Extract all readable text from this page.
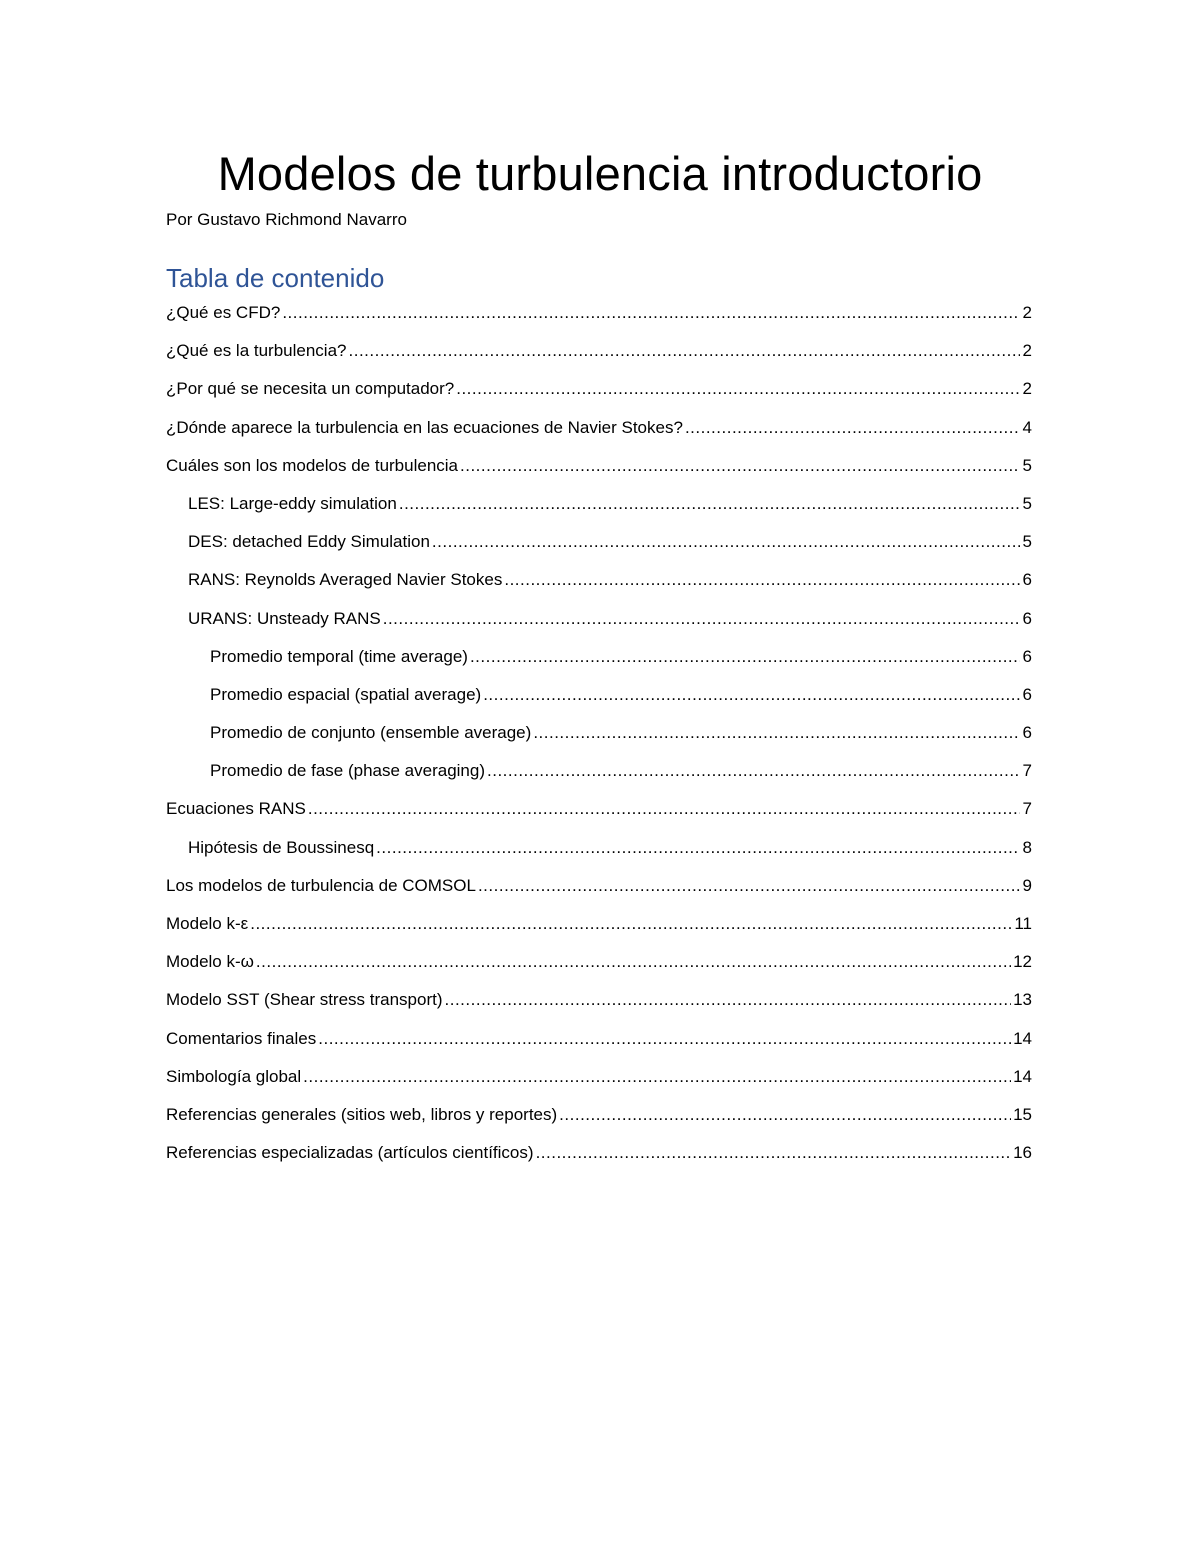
Modelos de turbulencia introductorio

Por Gustavo Richmond Navarro

Tabla de contenido
¿Qué es CFD? .....	2
¿Qué es la turbulencia? .....	2
¿Por qué se necesita un computador? .....	2
¿Dónde aparece la turbulencia en las ecuaciones de Navier Stokes? .....	4
Cuáles son los modelos de turbulencia .....	5
LES: Large-eddy simulation .....	5
DES: detached Eddy Simulation .....	5
RANS: Reynolds Averaged Navier Stokes .....	6
URANS: Unsteady RANS .....	6
Promedio temporal (time average) .....	6
Promedio espacial (spatial average) .....	6
Promedio de conjunto (ensemble average) .....	6
Promedio de fase (phase averaging) .....	7
Ecuaciones RANS .....	7
Hipótesis de Boussinesq .....	8
Los modelos de turbulencia de COMSOL .....	9
Modelo k-ε .....	11
Modelo k-ω .....	12
Modelo SST (Shear stress transport) .....	13
Comentarios finales .....	14
Simbología global .....	14
Referencias generales (sitios web, libros y reportes) .....	15
Referencias especializadas (artículos científicos) .....	16
